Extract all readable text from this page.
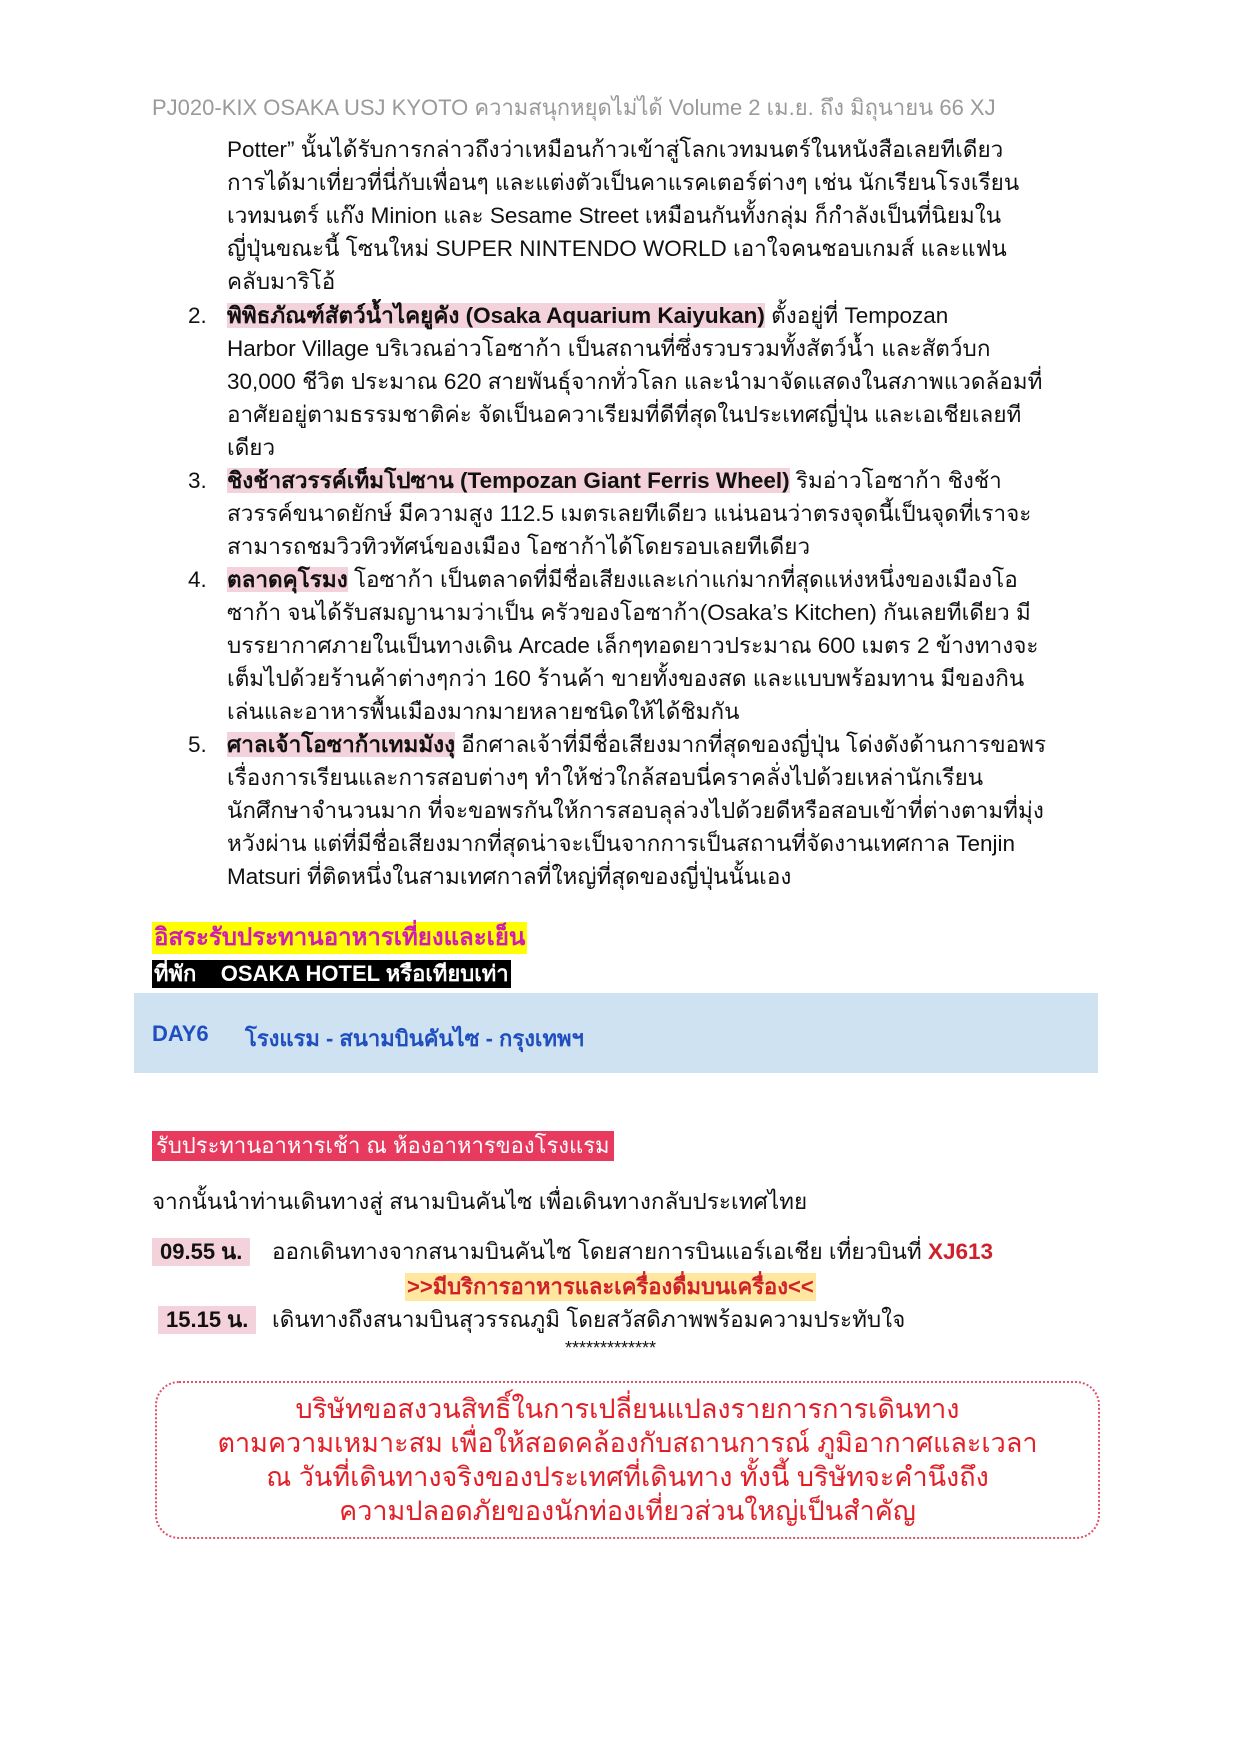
PJ020-KIX OSAKA USJ KYOTO ความสนุกหยุดไม่ได้ Volume 2 เม.ย. ถึง มิถุนายน 66 XJ

Potter” นั้นได้รับการกล่าวถึงว่าเหมือนก้าวเข้าสู่โลกเวทมนตร์ในหนังสือเลยทีเดียว

การได้มาเที่ยวที่นี่กับเพื่อนๆ และแต่งตัวเป็นคาแรคเตอร์ต่างๆ เช่น นักเรียนโรงเรียน

เวทมนตร์ แก๊ง Minion และ Sesame Street เหมือนกันทั้งกลุ่ม ก็กำลังเป็นที่นิยมใน

ญี่ปุ่นขณะนี้ โซนใหม่ SUPER NINTENDO WORLD เอาใจคนชอบเกมส์ และแฟน

คลับมาริโอ้

2. พิพิธภัณฑ์สัตว์น้ำไคยูคัง (Osaka Aquarium Kaiyukan) ตั้งอยู่ที่ Tempozan
Harbor Village บริเวณอ่าวโอซาก้า เป็นสถานที่ซึ่งรวบรวมทั้งสัตว์น้ำ และสัตว์บก
30,000 ชีวิต ประมาณ 620 สายพันธุ์จากทั่วโลก และนำมาจัดแสดงในสภาพแวดล้อมที่
อาศัยอยู่ตามธรรมชาติค่ะ จัดเป็นอควาเรียมที่ดีที่สุดในประเทศญี่ปุ่น และเอเชียเลยที
เดียว
3. ชิงช้าสวรรค์เท็มโปซาน (Tempozan Giant Ferris Wheel) ริมอ่าวโอซาก้า ชิงช้า
สวรรค์ขนาดยักษ์ มีความสูง 112.5 เมตรเลยทีเดียว แน่นอนว่าตรงจุดนี้เป็นจุดที่เราจะ
สามารถชมวิวทิวทัศน์ของเมือง โอซาก้าได้โดยรอบเลยทีเดียว
4. ตลาดคุโรมง โอซาก้า เป็นตลาดที่มีชื่อเสียงและเก่าแก่มากที่สุดแห่งหนึ่งของเมืองโอ
ซาก้า จนได้รับสมญานามว่าเป็น ครัวของโอซาก้า(Osaka’s Kitchen) กันเลยทีเดียว มี
บรรยากาศภายในเป็นทางเดิน Arcade เล็กๆทอดยาวประมาณ 600 เมตร 2 ข้างทางจะ
เต็มไปด้วยร้านค้าต่างๆกว่า 160 ร้านค้า ขายทั้งของสด และแบบพร้อมทาน มีของกิน
เล่นและอาหารพื้นเมืองมากมายหลายชนิดให้ได้ชิมกัน
5. ศาลเจ้าโอซาก้าเทมมังงุ อีกศาลเจ้าที่มีชื่อเสียงมากที่สุดของญี่ปุ่น โด่งดังด้านการขอพร
เรื่องการเรียนและการสอบต่างๆ ทำให้ช่วใกล้สอบนี่คราคลั่งไปด้วยเหล่านักเรียน
นักศึกษาจำนวนมาก ที่จะขอพรกันให้การสอบลุล่วงไปด้วยดีหรือสอบเข้าที่ต่างตามที่มุ่ง
หวังผ่าน แต่ที่มีชื่อเสียงมากที่สุดน่าจะเป็นจากการเป็นสถานที่จัดงานเทศกาล Tenjin
Matsuri ที่ติดหนึ่งในสามเทศกาลที่ใหญ่ที่สุดของญี่ปุ่นนั้นเอง
อิสระรับประทานอาหารเที่ยงและเย็น
ที่พัก    OSAKA HOTEL หรือเทียบเท่า
DAY6 โรงแรม - สนามบินคันไซ - กรุงเทพฯ
รับประทานอาหารเช้า ณ ห้องอาหารของโรงแรม
จากนั้นนำท่านเดินทางสู่ สนามบินคันไซ เพื่อเดินทางกลับประเทศไทย
09.55 น.	ออกเดินทางจากสนามบินคันไซ โดยสายการบินแอร์เอเชีย เที่ยวบินที่ XJ613
>>มีบริการอาหารและเครื่องดื่มบนเครื่อง<<
15.15 น.	เดินทางถึงสนามบินสุวรรณภูมิ โดยสวัสดิภาพพร้อมความประทับใจ
*************
บริษัทขอสงวนสิทธิ์ในการเปลี่ยนแปลงรายการการเดินทาง
ตามความเหมาะสม เพื่อให้สอดคล้องกับสถานการณ์ ภูมิอากาศและเวลา
ณ วันที่เดินทางจริงของประเทศที่เดินทาง ทั้งนี้ บริษัทจะคำนึงถึง
ความปลอดภัยของนักท่องเที่ยวส่วนใหญ่เป็นสำคัญ
